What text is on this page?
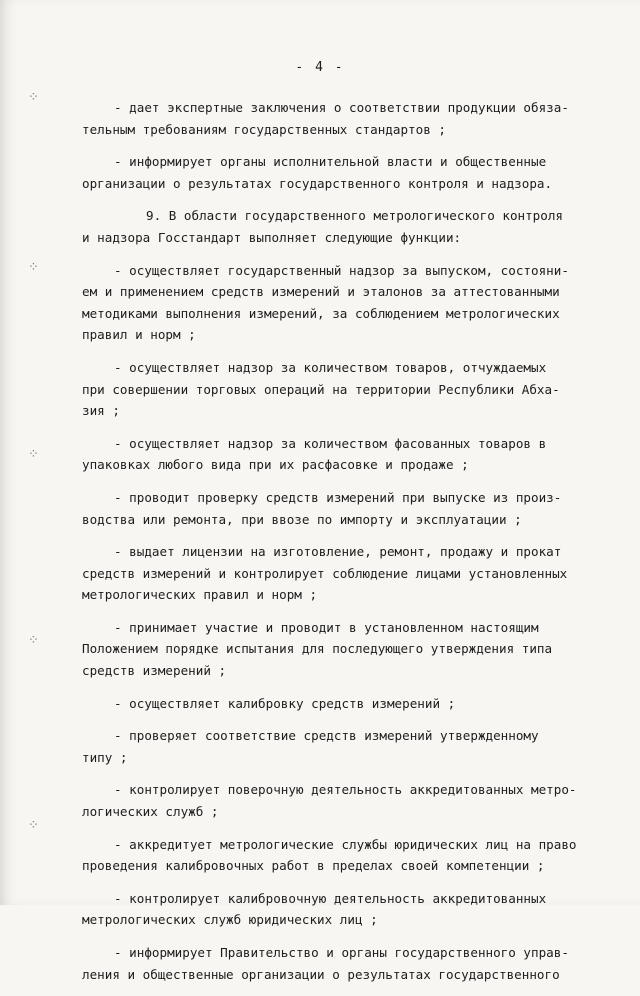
- 4 -
⁘
⁘
⁘
⁘
⁘

- дает экспертные заключения о соответствии продукции обяза-
тельным требованиям государственных стандартов ;

- информирует органы исполнительной власти и общественные
организации о результатах государственного контроля и надзора.

9. В области государственного метрологического контроля
и надзора Госстандарт выполняет следующие функции:

- осуществляет государственный надзор за выпуском, состояни-
ем и применением средств измерений и эталонов за аттестованными
методиками выполнения измерений, за соблюдением метрологических
правил и норм ;

- осуществляет надзор за количеством товаров, отчуждаемых
при совершении торговых операций на территории Республики Абха-
зия ;

- осуществляет надзор за количеством фасованных товаров в
упаковках любого вида при их расфасовке и продаже ;

- проводит проверку средств измерений при выпуске из произ-
водства или ремонта, при ввозе по импорту и эксплуатации ;

- выдает лицензии на изготовление, ремонт, продажу и прокат
средств измерений и контролирует соблюдение лицами установленных
метрологических правил и норм ;

- принимает участие и проводит в установленном настоящим
Положением порядке испытания для последующего утверждения типа
средств измерений ;

- осуществляет калибровку средств измерений ;

- проверяет соответствие средств измерений утвержденному
типу ;

- контролирует поверочную деятельность аккредитованных метро-
логических служб ;

- аккредитует метрологические службы юридических лиц на право
проведения калибровочных работ в пределах своей компетенции ;

- контролирует калибровочную деятельность аккредитованных
метрологических служб юридических лиц ;

- информирует Правительство и органы государственного управ-
ления и общественные организации о результатах государственного
